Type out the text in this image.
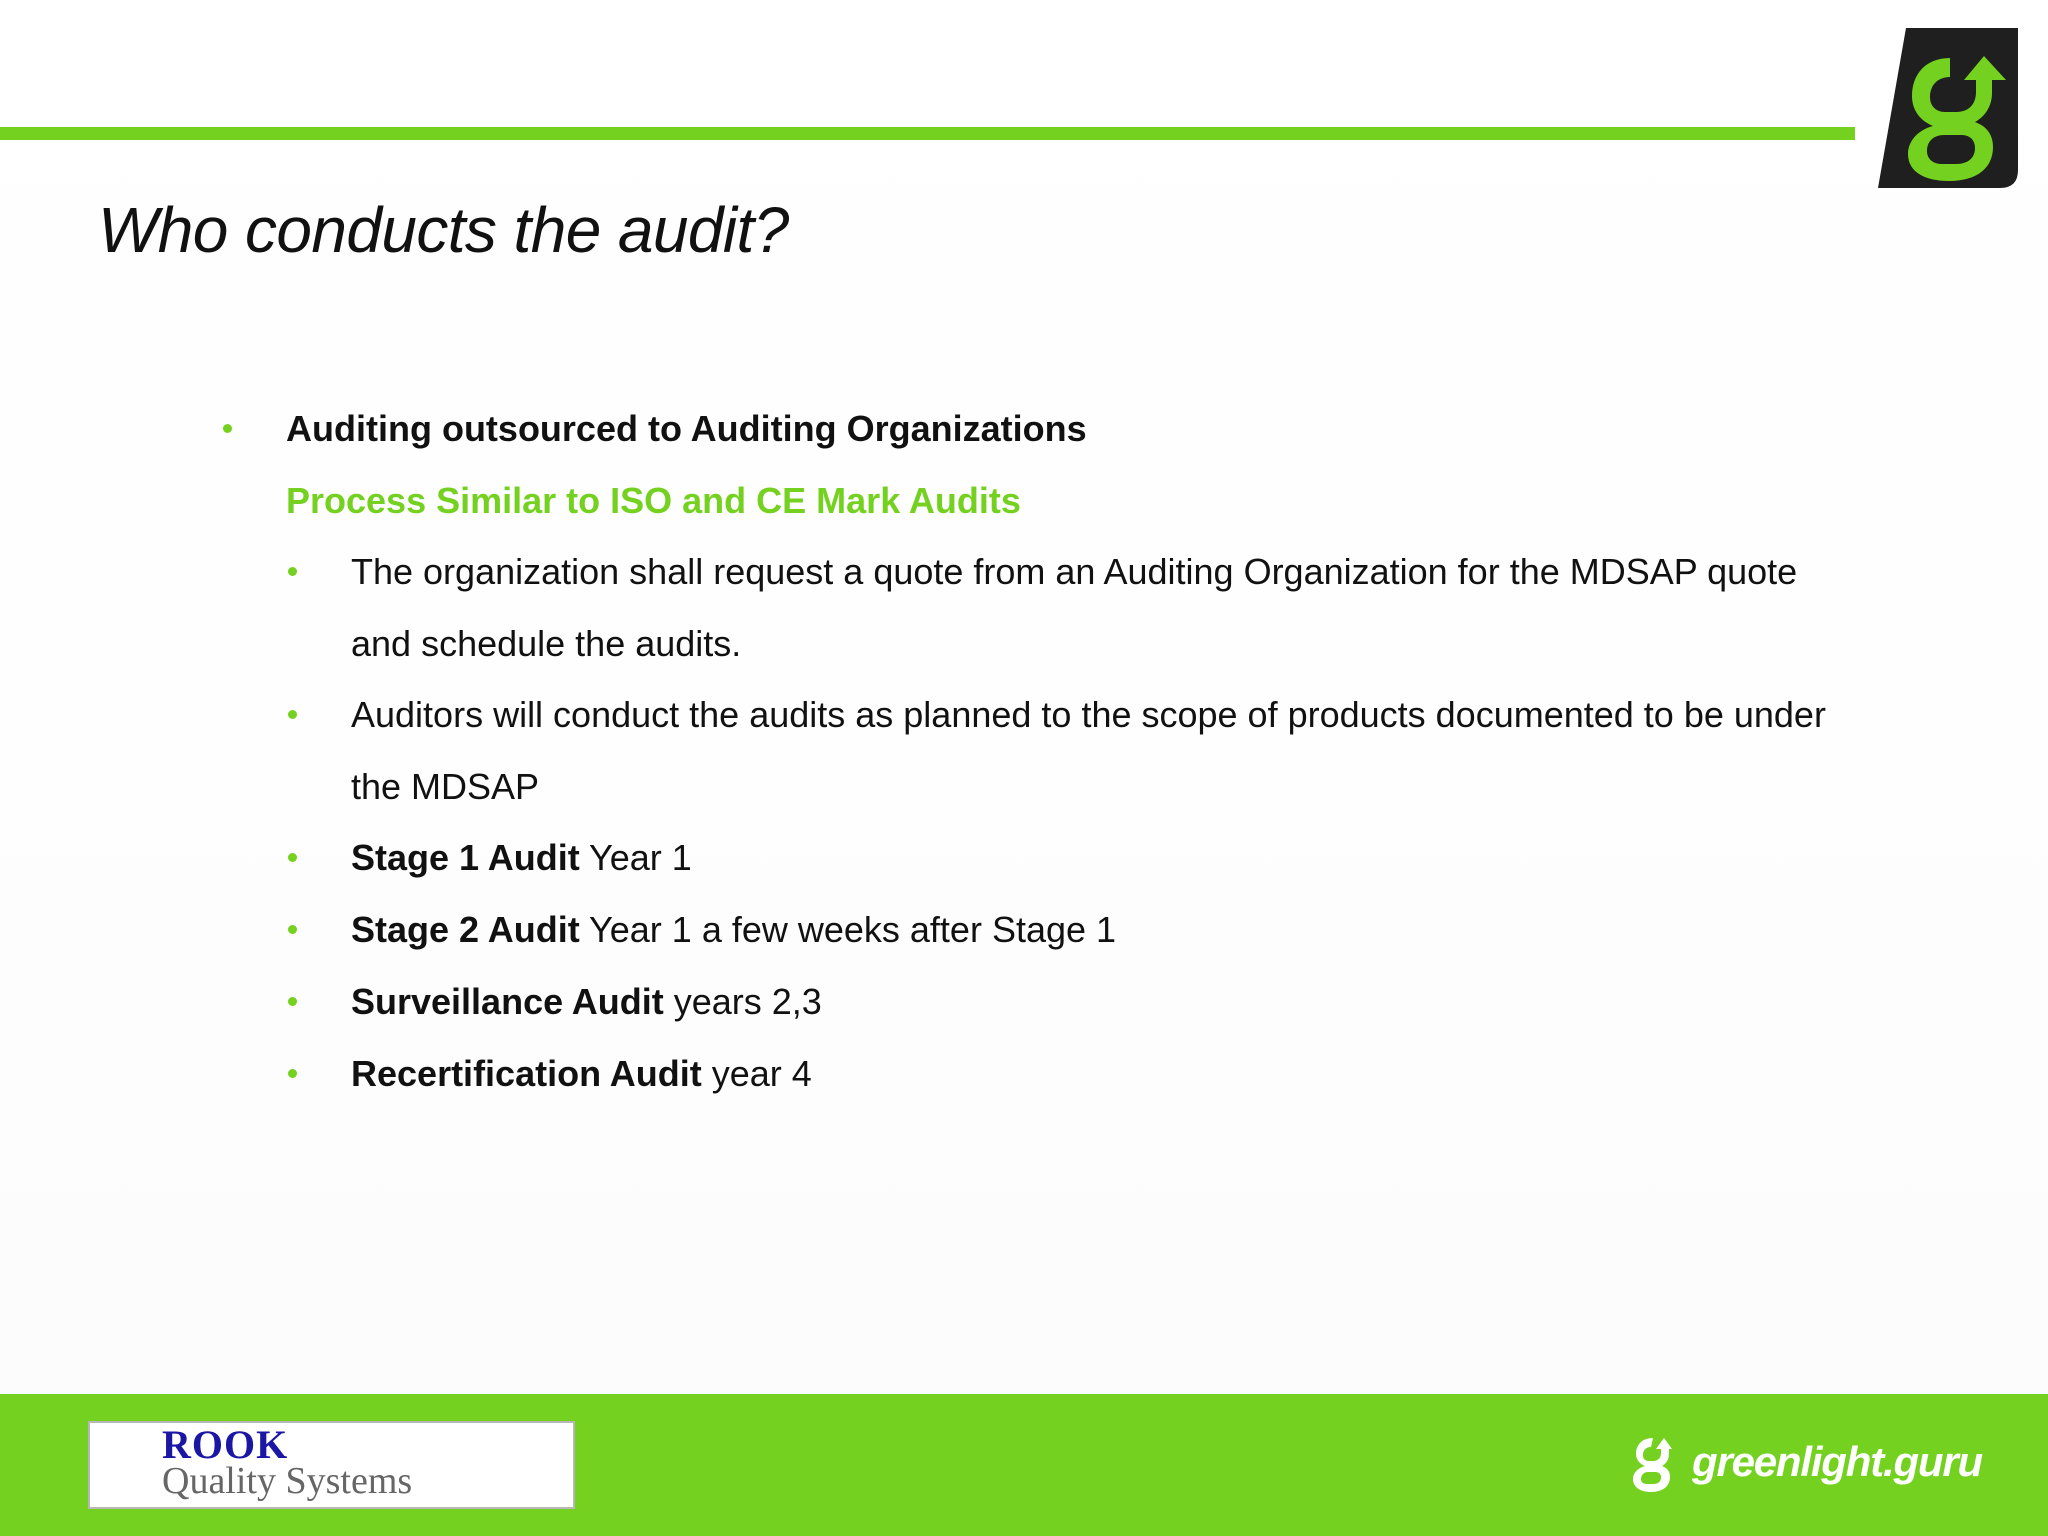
Who conducts the audit?
Auditing outsourced to Auditing Organizations
Process Similar to ISO and CE Mark Audits
The organization shall request a quote from an Auditing Organization for the MDSAP quote
and schedule the audits.
Auditors will conduct the audits as planned to the scope of products documented to be under
the MDSAP
Stage 1 Audit Year 1
Stage 2 Audit Year 1 a few weeks after Stage 1
Surveillance Audit years 2,3
Recertification Audit year 4
ROOK
Quality Systems	greenlight.guru
